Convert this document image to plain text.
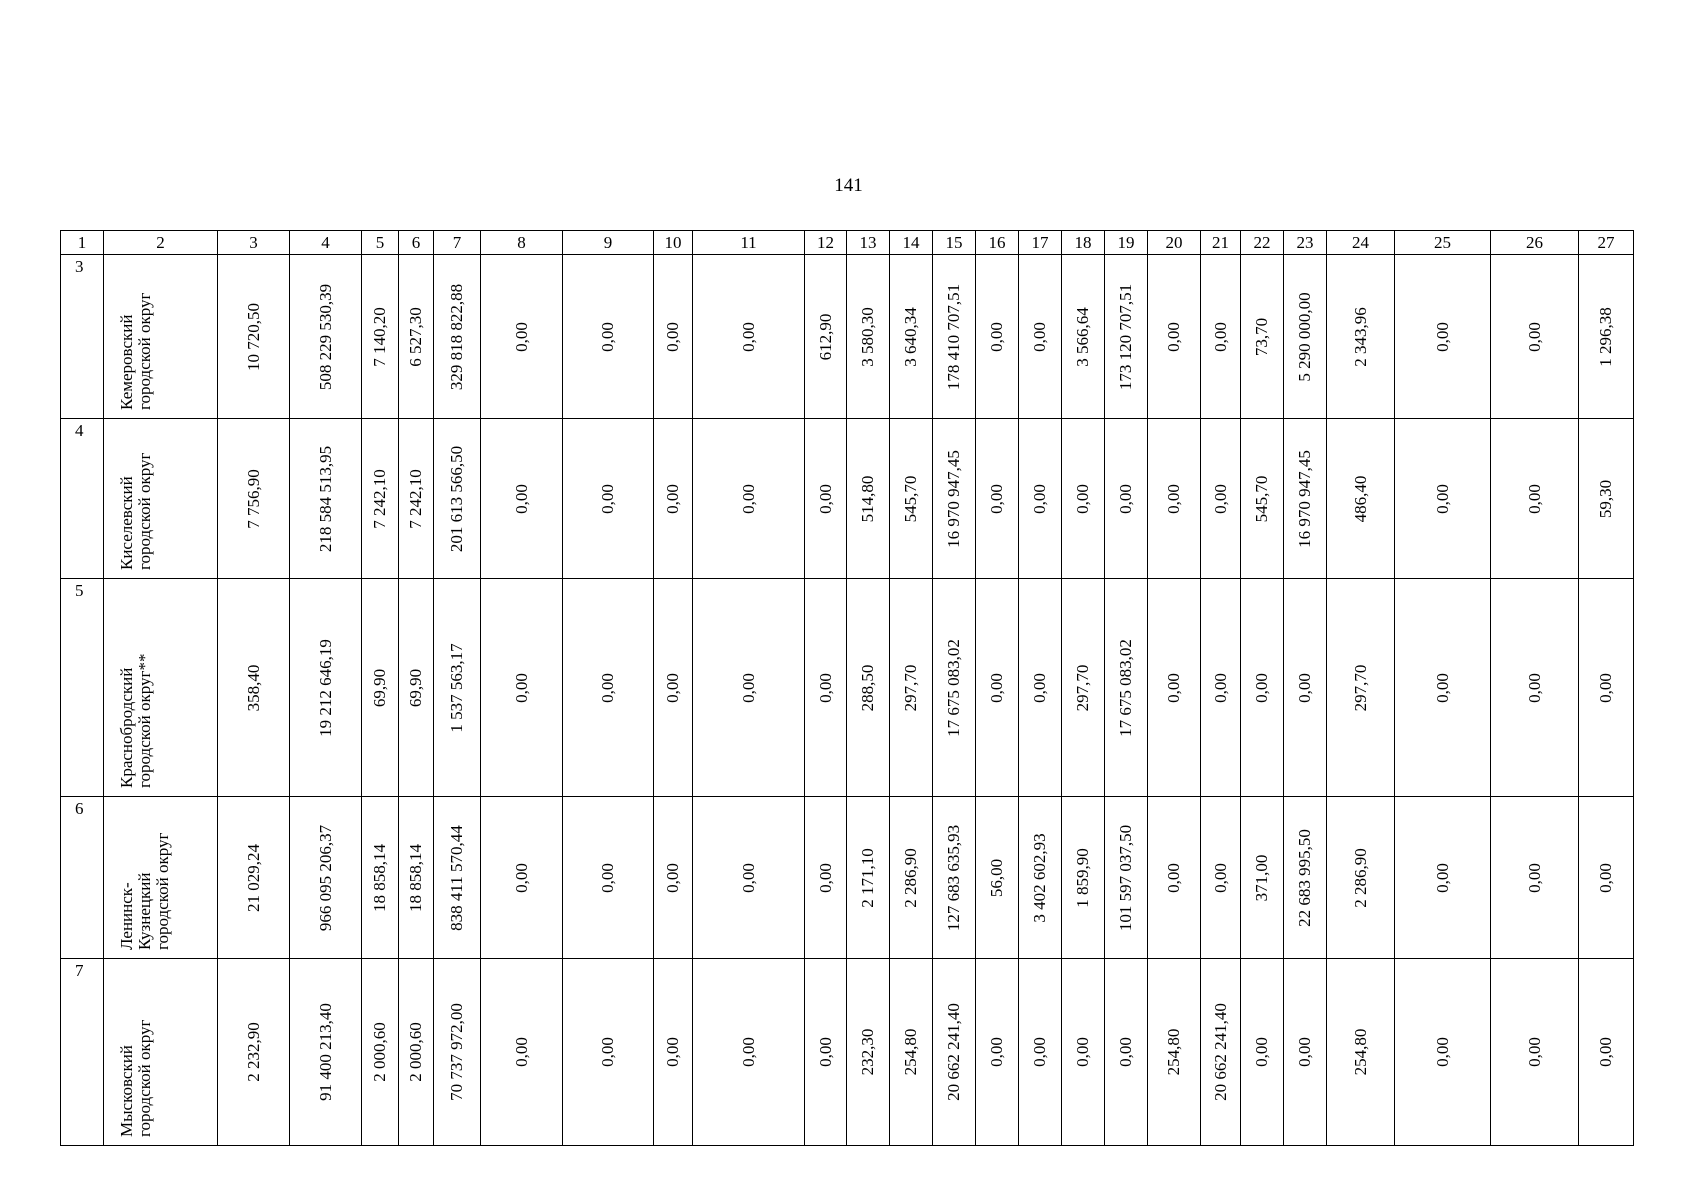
141
1	2	3	4	5	6	7	8	9	10	11	12	13	14	15	16	17	18	19	20	21	22	23	24	25	26	27

3	Кемеровский городской округ	10 720,50	508 229 530,39	7 140,20	6 527,30	329 818 822,88	0,00	0,00	0,00	0,00	612,90	3 580,30	3 640,34	178 410 707,51	0,00	0,00	3 566,64	173 120 707,51	0,00	0,00	73,70	5 290 000,00	2 343,96	0,00	0,00	1 296,38

4	Киселевский городской округ	7 756,90	218 584 513,95	7 242,10	7 242,10	201 613 566,50	0,00	0,00	0,00	0,00	0,00	514,80	545,70	16 970 947,45	0,00	0,00	0,00	0,00	0,00	0,00	545,70	16 970 947,45	486,40	0,00	0,00	59,30

5	Краснобродский городской округ**	358,40	19 212 646,19	69,90	69,90	1 537 563,17	0,00	0,00	0,00	0,00	0,00	288,50	297,70	17 675 083,02	0,00	0,00	297,70	17 675 083,02	0,00	0,00	0,00	0,00	297,70	0,00	0,00	0,00

6	Ленинск- Кузнецкий городской округ	21 029,24	966 095 206,37	18 858,14	18 858,14	838 411 570,44	0,00	0,00	0,00	0,00	0,00	2 171,10	2 286,90	127 683 635,93	56,00	3 402 602,93	1 859,90	101 597 037,50	0,00	0,00	371,00	22 683 995,50	2 286,90	0,00	0,00	0,00

7	Мысковский городской округ	2 232,90	91 400 213,40	2 000,60	2 000,60	70 737 972,00	0,00	0,00	0,00	0,00	0,00	232,30	254,80	20 662 241,40	0,00	0,00	0,00	0,00	254,80	20 662 241,40	0,00	0,00	254,80	0,00	0,00	0,00
